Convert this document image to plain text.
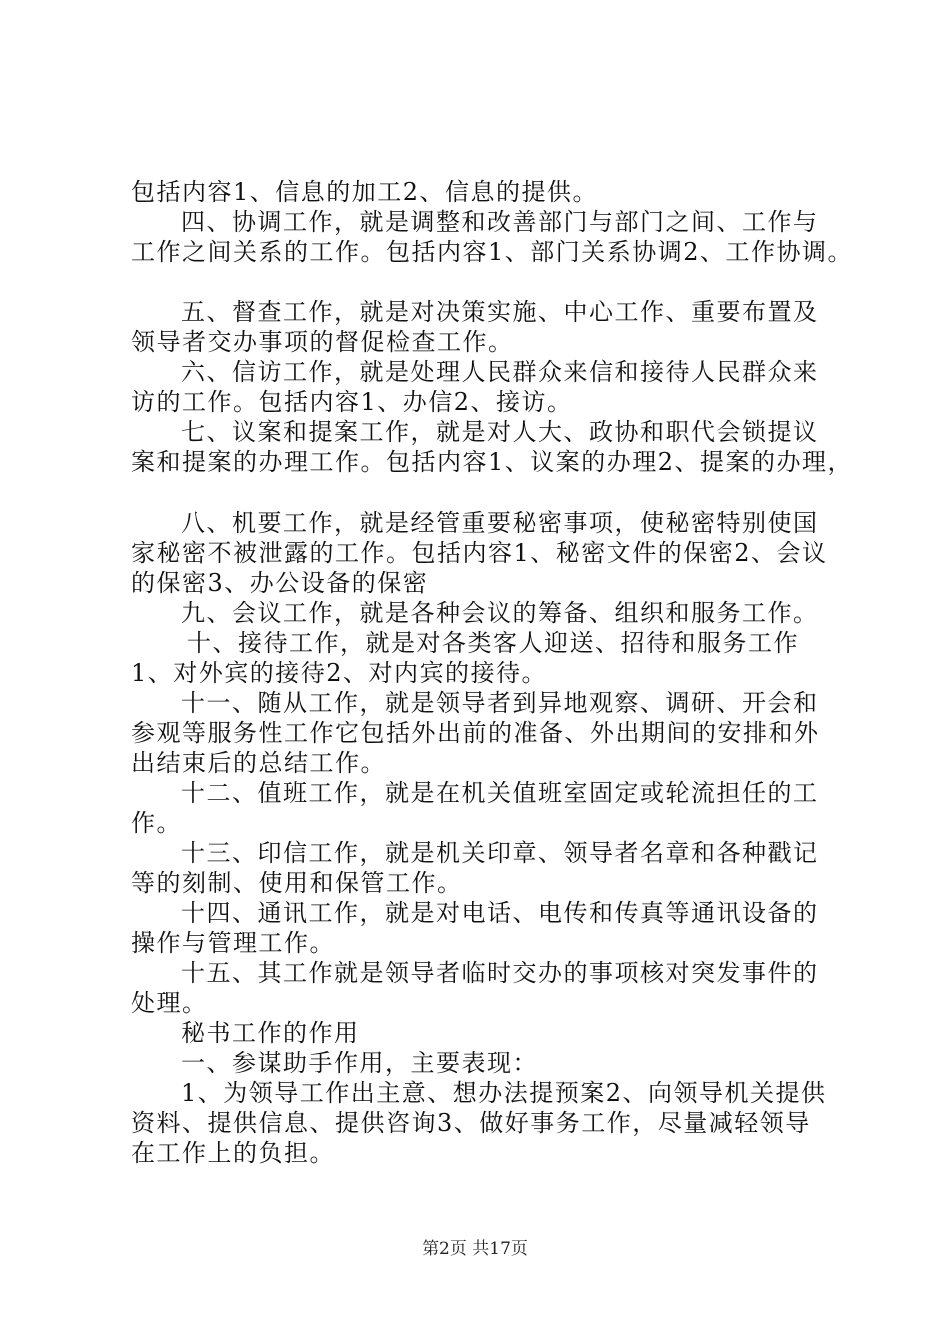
包括内容1、信息的加工2、信息的提供。
四、协调工作，就是调整和改善部门与部门之间、工作与
工作之间关系的工作。包括内容1、部门关系协调2、工作协调。
五、督查工作，就是对决策实施、中心工作、重要布置及
领导者交办事项的督促检查工作。
六、信访工作，就是处理人民群众来信和接待人民群众来
访的工作。包括内容1、办信2、接访。
七、议案和提案工作，就是对人大、政协和职代会锁提议
案和提案的办理工作。包括内容1、议案的办理2、提案的办理，
八、机要工作，就是经管重要秘密事项，使秘密特别使国
家秘密不被泄露的工作。包括内容1、秘密文件的保密2、会议
的保密3、办公设备的保密
九、会议工作，就是各种会议的筹备、组织和服务工作。
十、接待工作，就是对各类客人迎送、招待和服务工作
1、对外宾的接待2、对内宾的接待。
十一、随从工作，就是领导者到异地观察、调研、开会和
参观等服务性工作它包括外出前的准备、外出期间的安排和外
出结束后的总结工作。
十二、值班工作，就是在机关值班室固定或轮流担任的工
作。
十三、印信工作，就是机关印章、领导者名章和各种戳记
等的刻制、使用和保管工作。
十四、通讯工作，就是对电话、电传和传真等通讯设备的
操作与管理工作。
十五、其工作就是领导者临时交办的事项核对突发事件的
处理。
秘书工作的作用
一、参谋助手作用，主要表现：
1、为领导工作出主意、想办法提预案2、向领导机关提供
资料、提供信息、提供咨询3、做好事务工作，尽量减轻领导
在工作上的负担。
第2页 共17页
